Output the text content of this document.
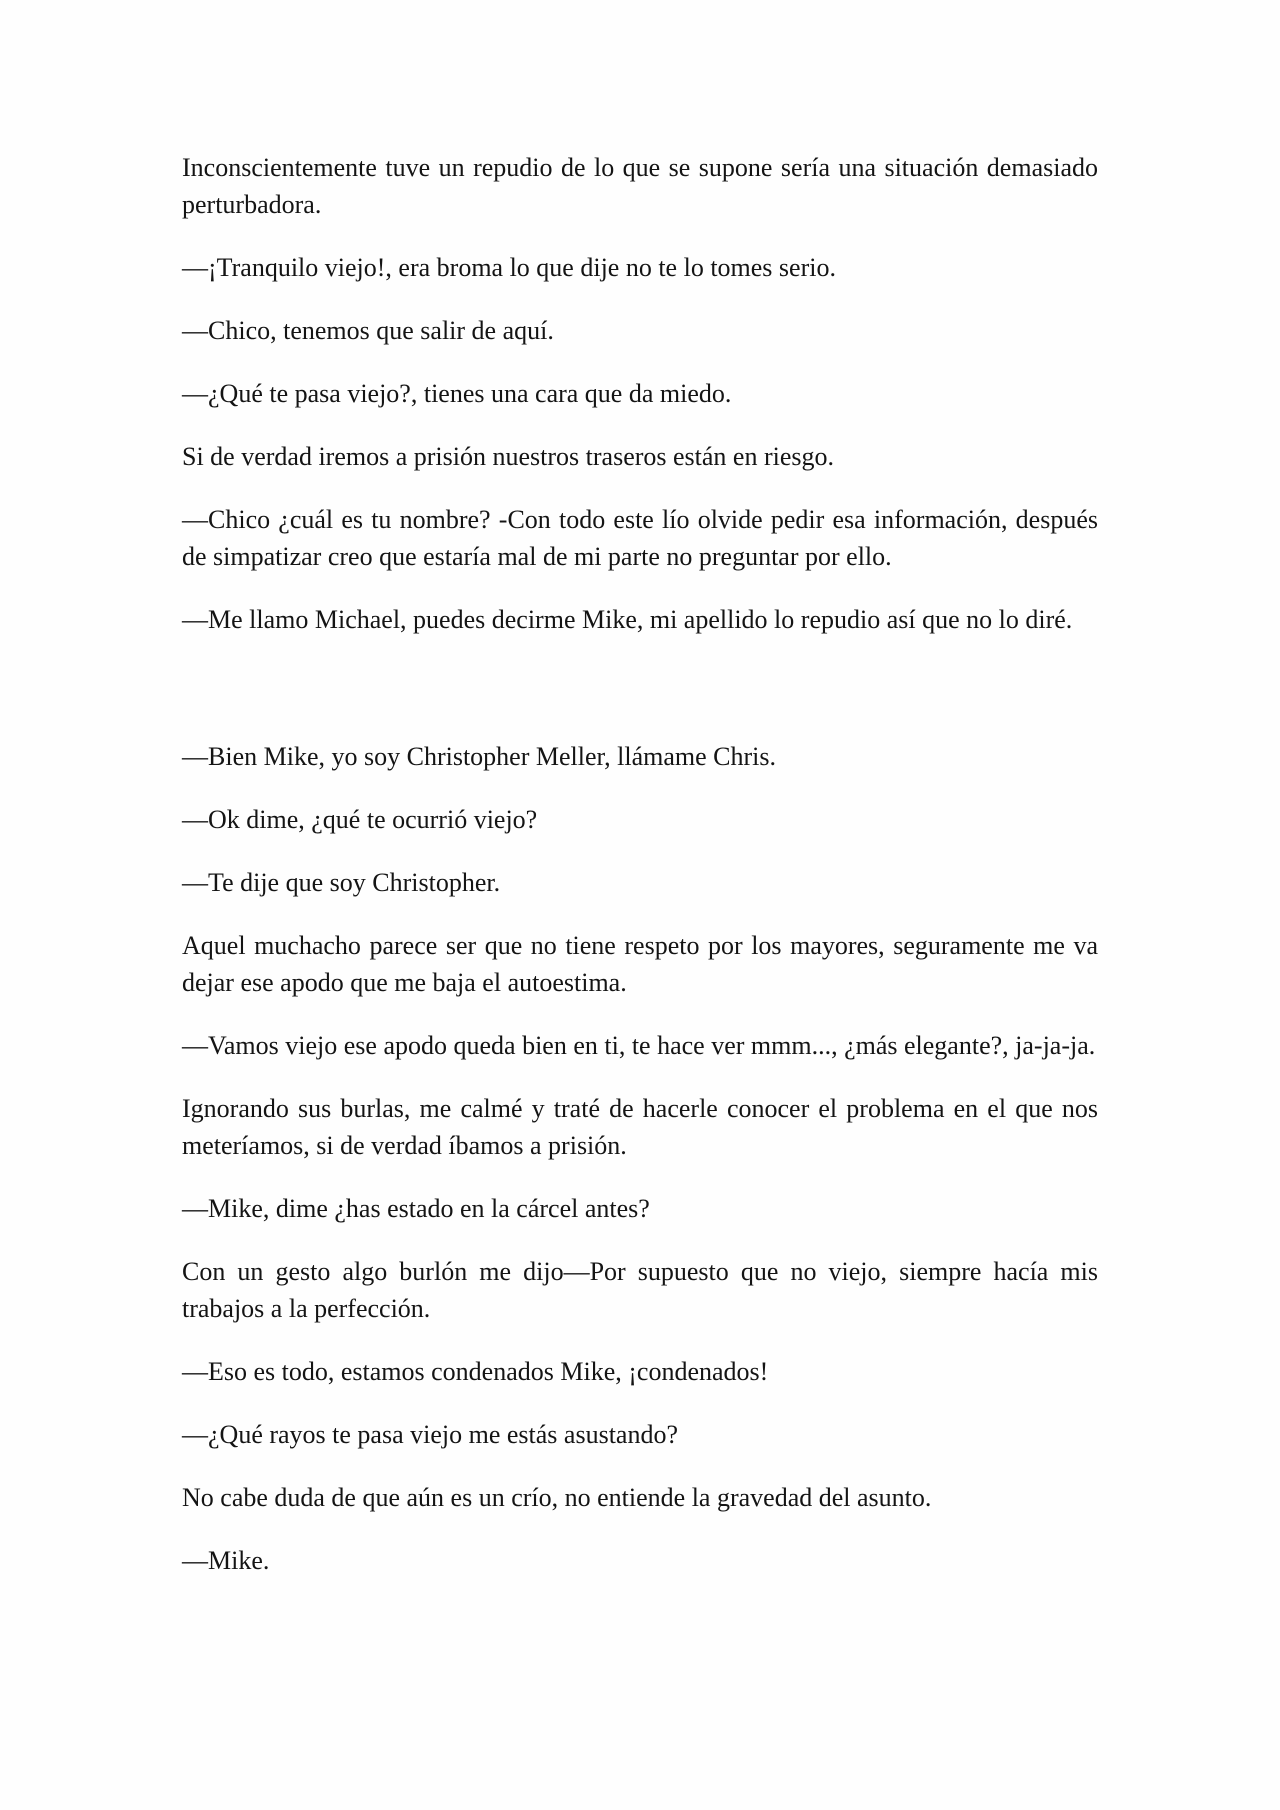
Inconscientemente tuve un repudio de lo que se supone sería una situación demasiado perturbadora.

—¡Tranquilo viejo!, era broma lo que dije no te lo tomes serio.

—Chico, tenemos que salir de aquí.

—¿Qué te pasa viejo?, tienes una cara que da miedo.

Si de verdad iremos a prisión nuestros traseros están en riesgo.

—Chico ¿cuál es tu nombre? -Con todo este lío olvide pedir esa información, después de simpatizar creo que estaría mal de mi parte no preguntar por ello.

—Me llamo Michael, puedes decirme Mike, mi apellido lo repudio así que no lo diré.

—Bien Mike, yo soy Christopher Meller, llámame Chris.

—Ok dime, ¿qué te ocurrió viejo?

—Te dije que soy Christopher.

Aquel muchacho parece ser que no tiene respeto por los mayores, seguramente me va dejar ese apodo que me baja el autoestima.

—Vamos viejo ese apodo queda bien en ti, te hace ver mmm..., ¿más elegante?, ja-ja-ja.

Ignorando sus burlas, me calmé y traté de hacerle conocer el problema en el que nos meteríamos, si de verdad íbamos a prisión.

—Mike, dime ¿has estado en la cárcel antes?

Con un gesto algo burlón me dijo—Por supuesto que no viejo, siempre hacía mis trabajos a la perfección.

—Eso es todo, estamos condenados Mike, ¡condenados!

—¿Qué rayos te pasa viejo me estás asustando?

No cabe duda de que aún es un crío, no entiende la gravedad del asunto.

—Mike.
